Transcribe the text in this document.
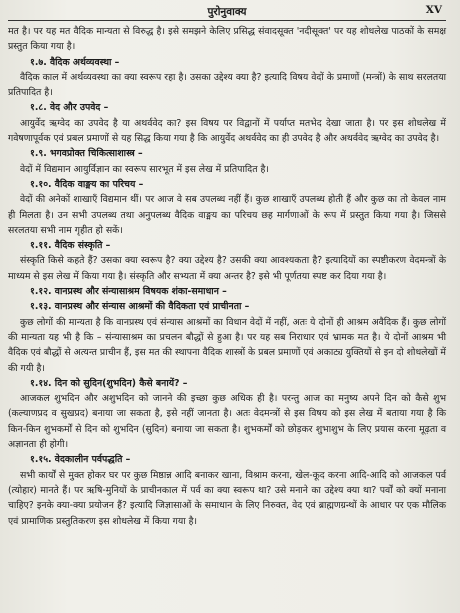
पुरोनुवाक्य	XV

मत है। पर यह मत वैदिक मान्यता से विरुद्ध है। इसे समझने केलिए प्रसिद्ध संवादसूक्त 'नदीसूक्त' पर यह शोधलेख पाठकों के समक्ष प्रस्तुत किया गया है।

१.७. वैदिक अर्थव्यवस्था –

वैदिक काल में अर्थव्यवस्था का क्या स्वरूप रहा है। उसका उद्देश्य क्या है? इत्यादि विषय वेदों के प्रमाणों (मन्त्रों) के साथ सरलतया प्रतिपादित है।

१.८. वेद और उपवेद –

आयुर्वेद ऋग्वेद का उपवेद है या अथर्ववेद का? इस विषय पर विद्वानों में पर्याप्त मतभेद देखा जाता है। पर इस शोधलेख में गवेषणापूर्वक एवं प्रबल प्रमाणों से यह सिद्ध किया गया है कि आयुर्वेद अथर्ववेद का ही उपवेद है और अथर्ववेद ऋग्वेद का उपवेद है।

१.९. भगवप्रोक्त चिकित्साशास्त्र –

वेदों में विद्यमान आयुर्विज्ञान का स्वरूप सारभूत में इस लेख में प्रतिपादित है।

१.१०. वैदिक वाङ्मय का परिचय –

वेदों की अनेकों शाखाएँ विद्यमान थीं। पर आज वे सब उपलब्ध नहीं हैं। कुछ शाखाएँ उपलब्ध होती हैं और कुछ का तो केवल नाम ही मिलता है। उन सभी उपलब्ध तथा अनुपलब्ध वैदिक वाङ्मय का परिचय छह मार्गणाओं के रूप में प्रस्तुत किया गया है। जिससे सरलतया सभी नाम गृहीत हो सकें।

१.११. वैदिक संस्कृति –

संस्कृति किसे कहते हैं? उसका क्या स्वरूप है? क्या उद्देश्य है? उसकी क्या आवश्यकता है? इत्यादियों का स्पष्टीकरण वेदमन्त्रों के माध्यम से इस लेख में किया गया है। संस्कृति और सभ्यता में क्या अन्तर है? इसे भी पूर्णतया स्पष्ट कर दिया गया है।

१.१२. वानप्रस्थ और संन्यासाश्रम विषयक शंका-समाधान –

१.१३. वानप्रस्थ और संन्यास आश्रमों की वैदिकता एवं प्राचीनता –

कुछ लोगों की मान्यता है कि वानप्रस्थ एवं संन्यास आश्रमों का विधान वेदों में नहीं, अतः ये दोनों ही आश्रम अवैदिक हैं। कुछ लोगों की मान्यता यह भी है कि – संन्यासाश्रम का प्रचलन बौद्धों से हुआ है। पर यह सब निराधार एवं भ्रामक मत है। ये दोनों आश्रम भी वैदिक एवं बौद्धों से अत्यन्त प्राचीन हैं, इस मत की स्थापना वैदिक शास्त्रों के प्रबल प्रमाणों एवं अकाट्य युक्तियों से इन दो शोधलेखों में की गयी है।

१.१४. दिन को सुदिन(शुभदिन) कैसे बनायें? –

आजकल शुभदिन और अशुभदिन को जानने की इच्छा कुछ अधिक ही है। परन्तु आज का मनुष्य अपने दिन को कैसे शुभ (कल्याणप्रद व सुखप्रद) बनाया जा सकता है, इसे नहीं जानता है। अतः वेदमन्त्रों से इस विषय को इस लेख में बताया गया है कि किन-किन शुभकर्मों से दिन को शुभदिन (सुदिन) बनाया जा सकता है। शुभकर्मों को छोड़कर शुभाशुभ के लिए प्रयास करना मूढ़ता व अज्ञानता ही होगी।

१.१५. वेदकालीन पर्वपद्धति –

सभी कार्यों से मुक्त होकर घर पर कुछ मिष्ठान्न आदि बनाकर खाना, विश्राम करना, खेल-कूद करना आदि-आदि को आजकल पर्व (त्योहार) मानते हैं। पर ऋषि-मुनियों के प्राचीनकाल में पर्व का क्या स्वरूप था? उसे मनाने का उद्देश्य क्या था? पर्वों को क्यों मनाना चाहिए? इनके क्या-क्या प्रयोजन हैं? इत्यादि जिज्ञासाओं के समाधान के लिए निरुक्त, वेद एवं ब्राह्मणग्रन्थों के आधार पर एक मौलिक एवं प्रामाणिक प्रस्तुतिकरण इस शोधलेख में किया गया है।
